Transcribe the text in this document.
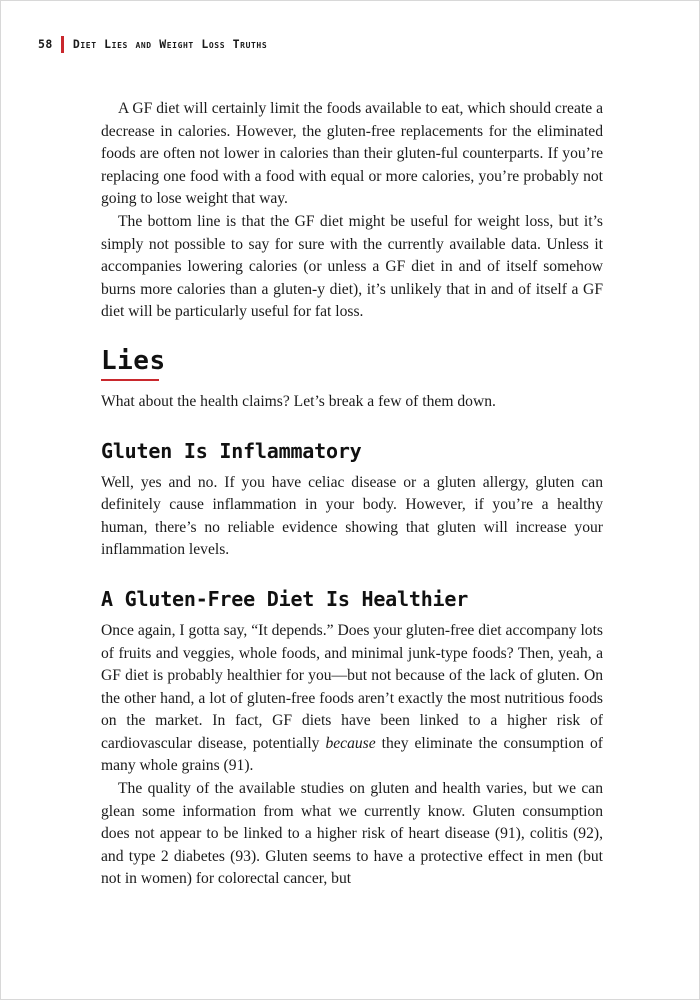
58 Diet Lies and Weight Loss Truths

A GF diet will certainly limit the foods available to eat, which should create a decrease in calories. However, the gluten-free replacements for the eliminated foods are often not lower in calories than their gluten-ful counterparts. If you’re replacing one food with a food with equal or more calories, you’re probably not going to lose weight that way.

The bottom line is that the GF diet might be useful for weight loss, but it’s simply not possible to say for sure with the currently available data. Unless it accompanies lowering calories (or unless a GF diet in and of itself somehow burns more calories than a gluten-y diet), it’s unlikely that in and of itself a GF diet will be particularly useful for fat loss.

Lies

What about the health claims? Let’s break a few of them down.

Gluten Is Inflammatory

Well, yes and no. If you have celiac disease or a gluten allergy, gluten can definitely cause inflammation in your body. However, if you’re a healthy human, there’s no reliable evidence showing that gluten will increase your inflammation levels.

A Gluten-Free Diet Is Healthier

Once again, I gotta say, “It depends.” Does your gluten-free diet accompany lots of fruits and veggies, whole foods, and minimal junk-type foods? Then, yeah, a GF diet is probably healthier for you—but not because of the lack of gluten. On the other hand, a lot of gluten-free foods aren’t exactly the most nutritious foods on the market. In fact, GF diets have been linked to a higher risk of cardiovascular disease, potentially because they eliminate the consumption of many whole grains (91).

The quality of the available studies on gluten and health varies, but we can glean some information from what we currently know. Gluten consumption does not appear to be linked to a higher risk of heart disease (91), colitis (92), and type 2 diabetes (93). Gluten seems to have a protective effect in men (but not in women) for colorectal cancer, but
